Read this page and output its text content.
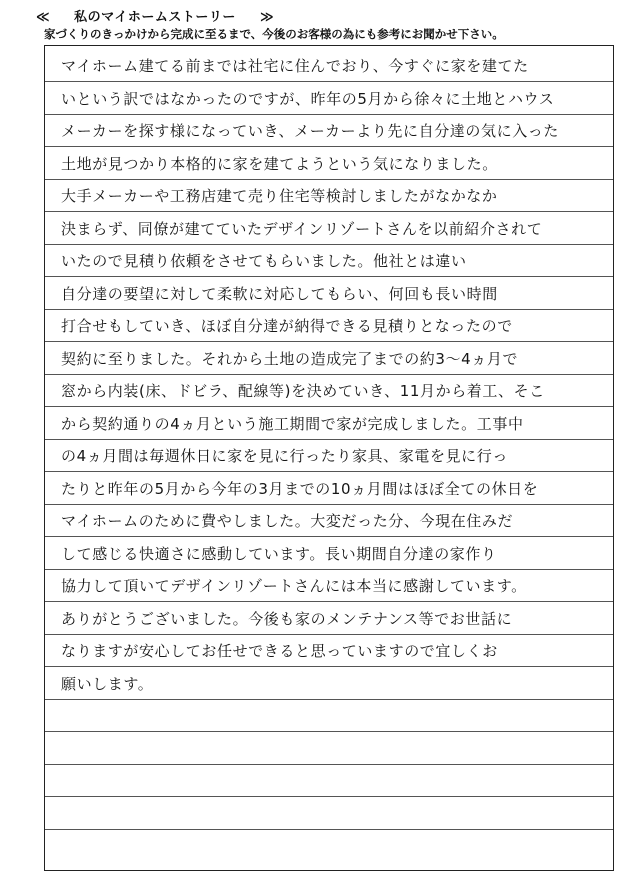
≪ 私のマイホームストーリー ≫
家づくりのきっかけから完成に至るまで、今後のお客様の為にも参考にお聞かせ下さい。
マイホーム建てる前までは社宅に住んでおり、今すぐに家を建てた
いという訳ではなかったのですが、昨年の5月から徐々に土地とハウス
メーカーを探す様になっていき、メーカーより先に自分達の気に入った
土地が見つかり本格的に家を建てようという気になりました。
大手メーカーや工務店建て売り住宅等検討しましたがなかなか
決まらず、同僚が建てていたデザインリゾートさんを以前紹介されて
いたので見積り依頼をさせてもらいました。他社とは違い
自分達の要望に対して柔軟に対応してもらい、何回も長い時間
打合せもしていき、ほぼ自分達が納得できる見積りとなったので
契約に至りました。それから土地の造成完了までの約3〜4ヵ月で
窓から内装(床、ドビラ、配線等)を決めていき、11月から着工、そこ
から契約通りの4ヵ月という施工期間で家が完成しました。工事中
の4ヵ月間は毎週休日に家を見に行ったり家具、家電を見に行っ
たりと昨年の5月から今年の3月までの10ヵ月間はほぼ全ての休日を
マイホームのために費やしました。大変だった分、今現在住みだ
して感じる快適さに感動しています。長い期間自分達の家作り
協力して頂いてデザインリゾートさんには本当に感謝しています。
ありがとうございました。今後も家のメンテナンス等でお世話に
なりますが安心してお任せできると思っていますので宜しくお
願いします。
